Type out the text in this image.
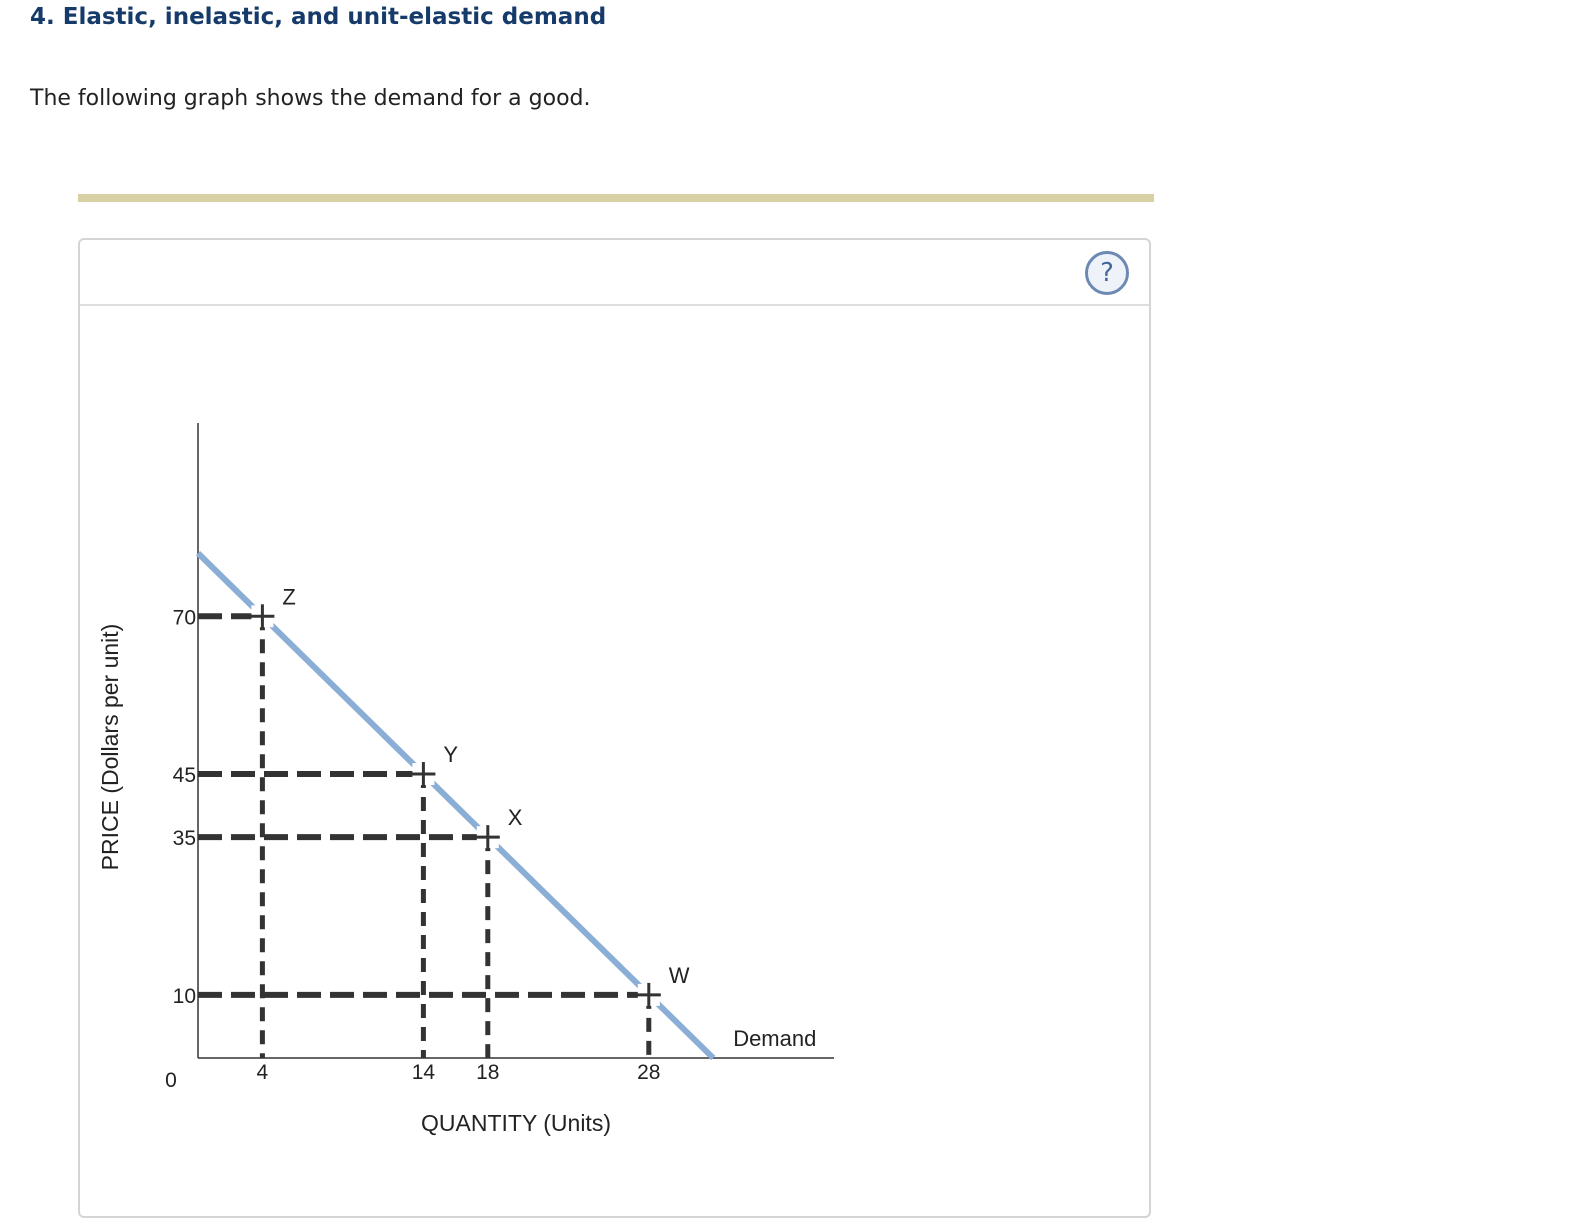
4. Elastic, inelastic, and unit-elastic demand

The following graph shows the demand for a good.

?
Demand
Z
Y
X
W
4	14 18	28
10
35
45
70
0
QUANTITY (Units)
PRICE (Dollars per unit)
